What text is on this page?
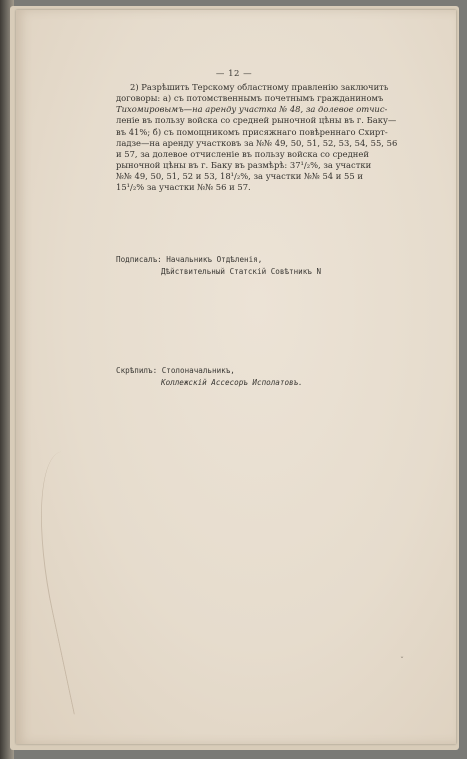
— 12 —
2) Разрѣшить Терскому областному правленію заключить
договоры: а) съ потомственнымъ почетнымъ гражданиномъ
Тихомировымъ—на аренду участка № 48, за долевое отчис-
леніе въ пользу войска со средней рыночной цѣны въ г. Баку—
въ 41%; б) съ помощникомъ присяжнаго повѣреннаго Схирт-
ладзе—на аренду участковъ за №№ 49, 50, 51, 52, 53, 54, 55, 56
и 57, за долевое отчисленіе въ пользу войска со средней
рыночной цѣны въ г. Баку въ размѣрѣ: 37¹/₂%, за участки
№№ 49, 50, 51, 52 и 53, 18¹/₂%, за участки №№ 54 и 55 и
15¹/₂% за участки №№ 56 и 57.
Подписалъ: Начальникъ Отдѣленія,
Дѣйствительный Статскій Совѣтникъ N
Скрѣпилъ: Столоначальникъ,
Коллежскій Ассесоръ Исполатовъ.
ˇ
